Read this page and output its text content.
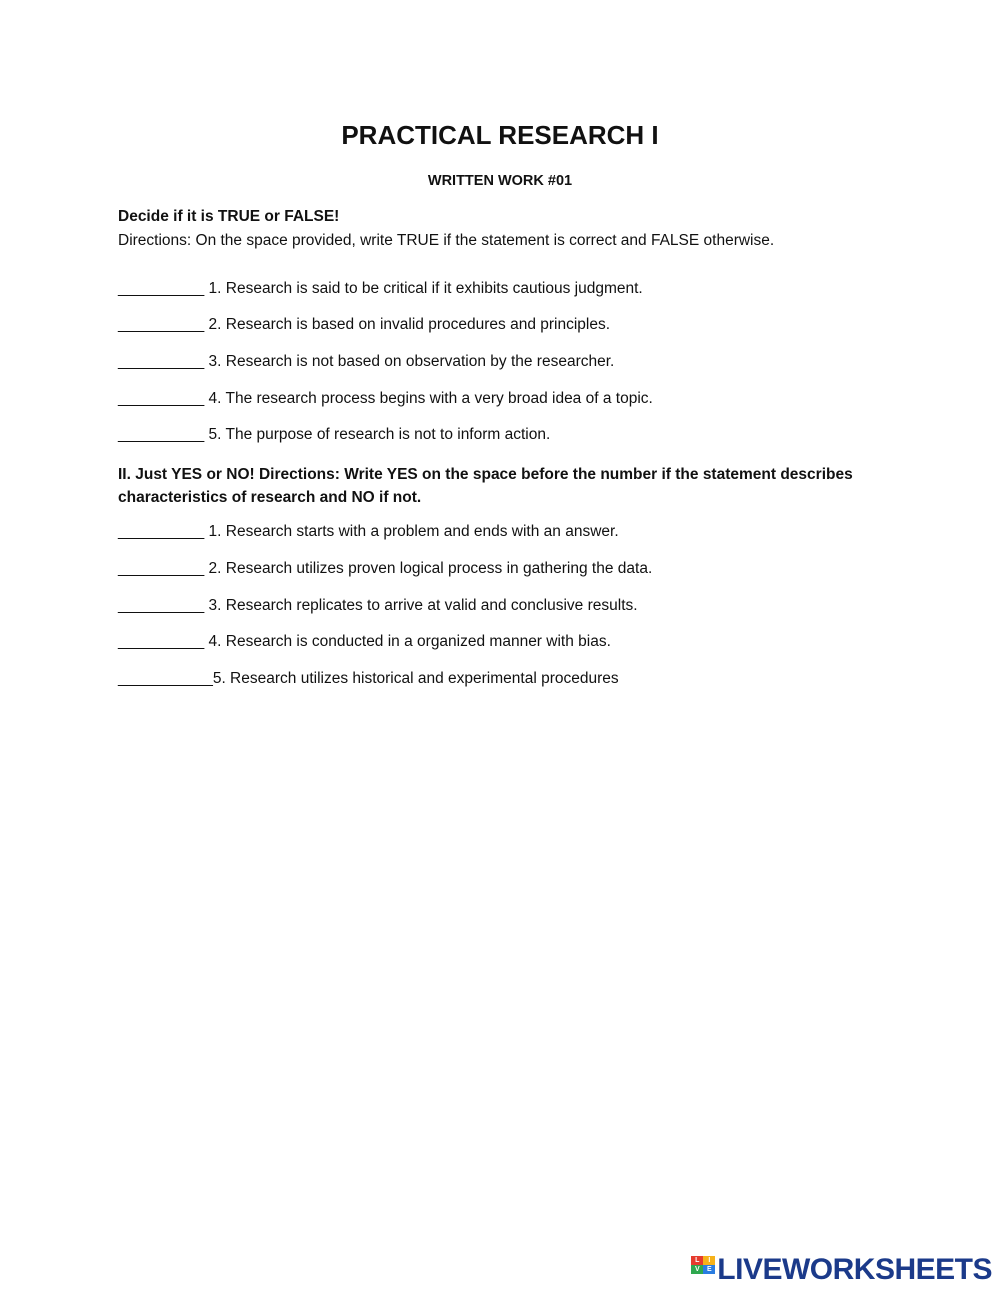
PRACTICAL RESEARCH I
WRITTEN WORK #01
Decide if it is TRUE or FALSE!
Directions: On the space provided, write TRUE if the statement is correct and FALSE otherwise.
__________ 1. Research is said to be critical if it exhibits cautious judgment.
__________ 2. Research is based on invalid procedures and principles.
__________ 3. Research is not based on observation by the researcher.
__________ 4. The research process begins with a very broad idea of a topic.
__________ 5. The purpose of research is not to inform action.
II. Just YES or NO! Directions: Write YES on the space before the number if the statement describes characteristics of research and NO if not.
__________ 1. Research starts with a problem and ends with an answer.
__________ 2. Research utilizes proven logical process in gathering the data.
__________ 3. Research replicates to arrive at valid and conclusive results.
__________ 4. Research is conducted in a organized manner with bias.
___________5. Research utilizes historical and experimental procedures
L	I
V	E LIVEWORKSHEETS
